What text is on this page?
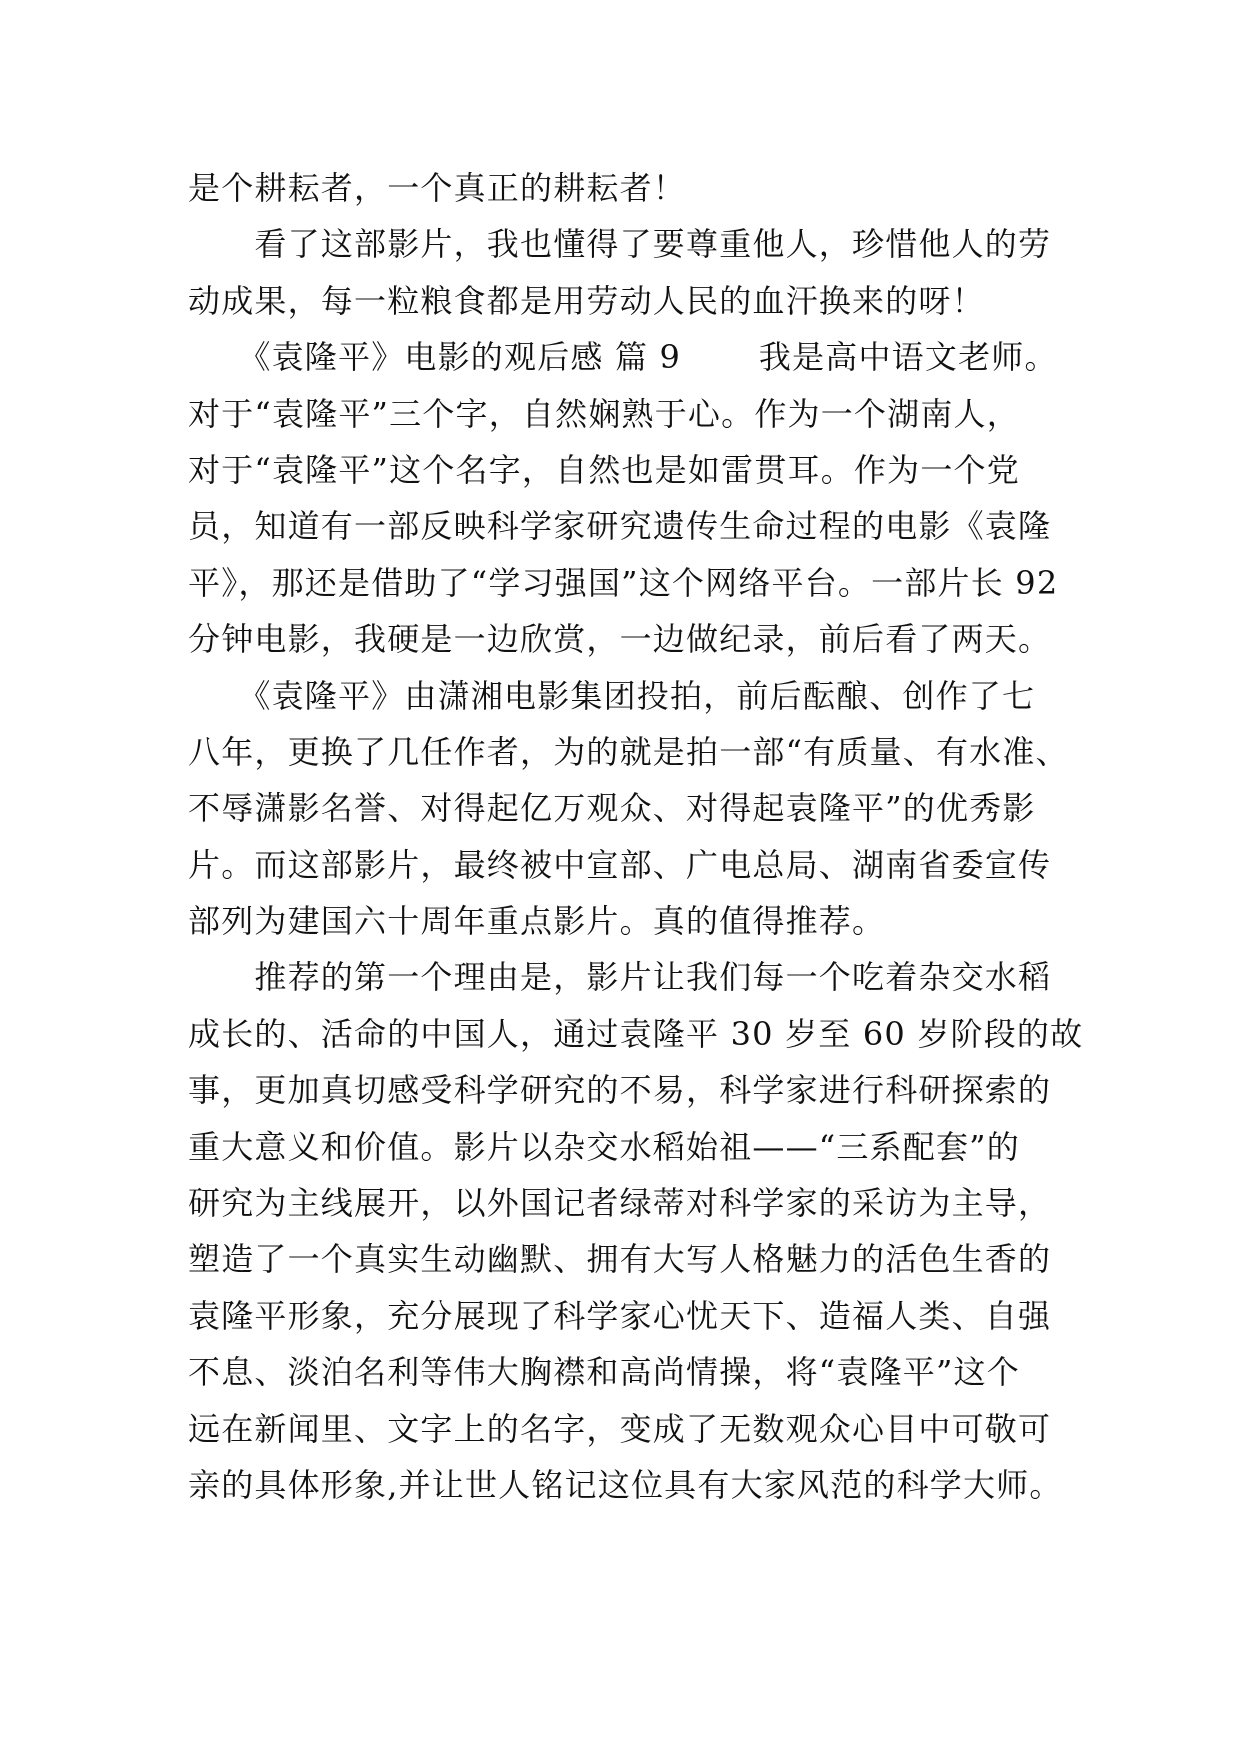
是个耕耘者，一个真正的耕耘者！
　　看了这部影片，我也懂得了要尊重他人，珍惜他人的劳
动成果，每一粒粮食都是用劳动人民的血汗换来的呀！
　　《袁隆平》电影的观后感 篇 9　　 我是高中语文老师。
对于“袁隆平”三个字，自然娴熟于心。作为一个湖南人，
对于“袁隆平”这个名字，自然也是如雷贯耳。作为一个党
员，知道有一部反映科学家研究遗传生命过程的电影《袁隆
平》，那还是借助了“学习强国”这个网络平台。一部片长 92
分钟电影，我硬是一边欣赏，一边做纪录，前后看了两天。
　　《袁隆平》由潇湘电影集团投拍，前后酝酿、创作了七
八年，更换了几任作者，为的就是拍一部“有质量、有水准、
不辱潇影名誉、对得起亿万观众、对得起袁隆平”的优秀影
片。而这部影片，最终被中宣部、广电总局、湖南省委宣传
部列为建国六十周年重点影片。真的值得推荐。
　　推荐的第一个理由是，影片让我们每一个吃着杂交水稻
成长的、活命的中国人，通过袁隆平 30 岁至 60 岁阶段的故
事，更加真切感受科学研究的不易，科学家进行科研探索的
重大意义和价值。影片以杂交水稻始祖——“三系配套”的
研究为主线展开，以外国记者绿蒂对科学家的采访为主导，
塑造了一个真实生动幽默、拥有大写人格魅力的活色生香的
袁隆平形象，充分展现了科学家心忧天下、造福人类、自强
不息、淡泊名利等伟大胸襟和高尚情操，将“袁隆平”这个
远在新闻里、文字上的名字，变成了无数观众心目中可敬可
亲的具体形象,并让世人铭记这位具有大家风范的科学大师。
